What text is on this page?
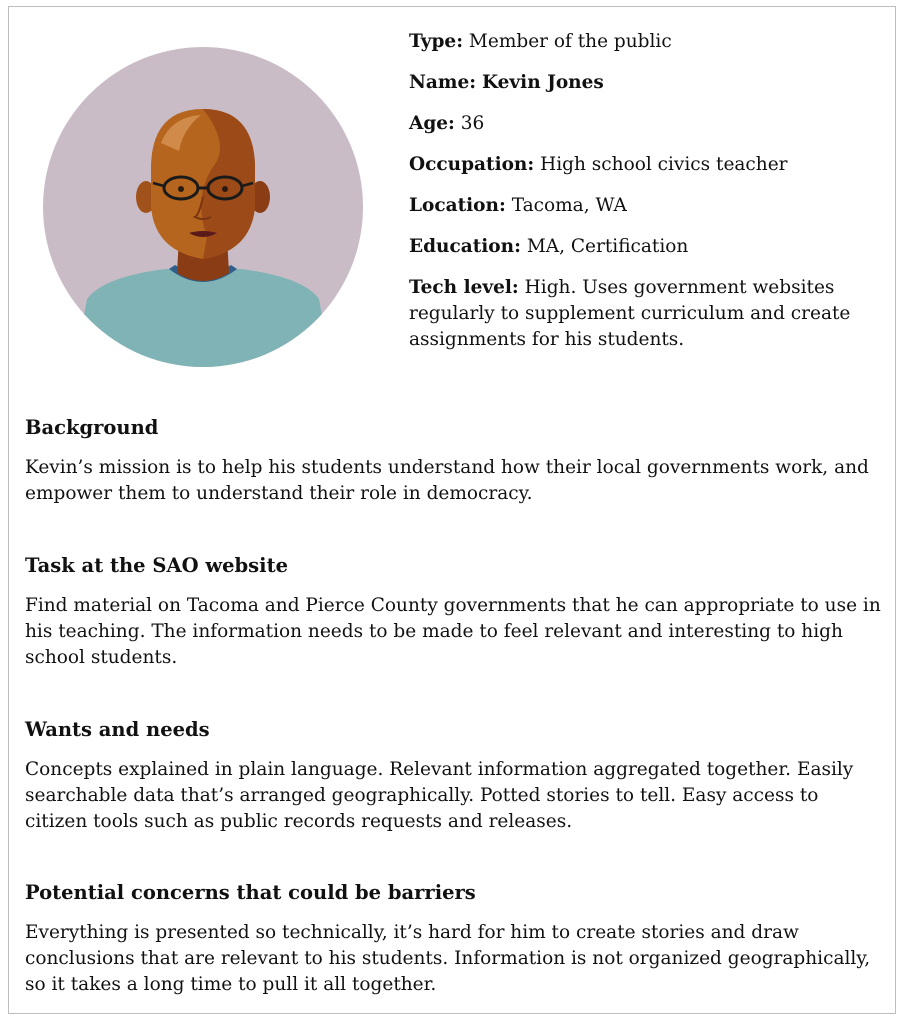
Type: Member of the public
Name: Kevin Jones
Age: 36
Occupation: High school civics teacher
Location: Tacoma, WA
Education: MA, Certification
Tech level: High. Uses government websites regularly to supplement curriculum and create assignments for his students.
Background

Kevin’s mission is to help his students understand how their local governments work, and empower them to understand their role in democracy.

Task at the SAO website

Find material on Tacoma and Pierce County governments that he can appropriate to use in his teaching. The information needs to be made to feel relevant and interesting to high school students.

Wants and needs

Concepts explained in plain language. Relevant information aggregated together. Easily searchable data that’s arranged geographically. Potted stories to tell. Easy access to citizen tools such as public records requests and releases.

Potential concerns that could be barriers

Everything is presented so technically, it’s hard for him to create stories and draw conclusions that are relevant to his students. Information is not organized geographically, so it takes a long time to pull it all together.
